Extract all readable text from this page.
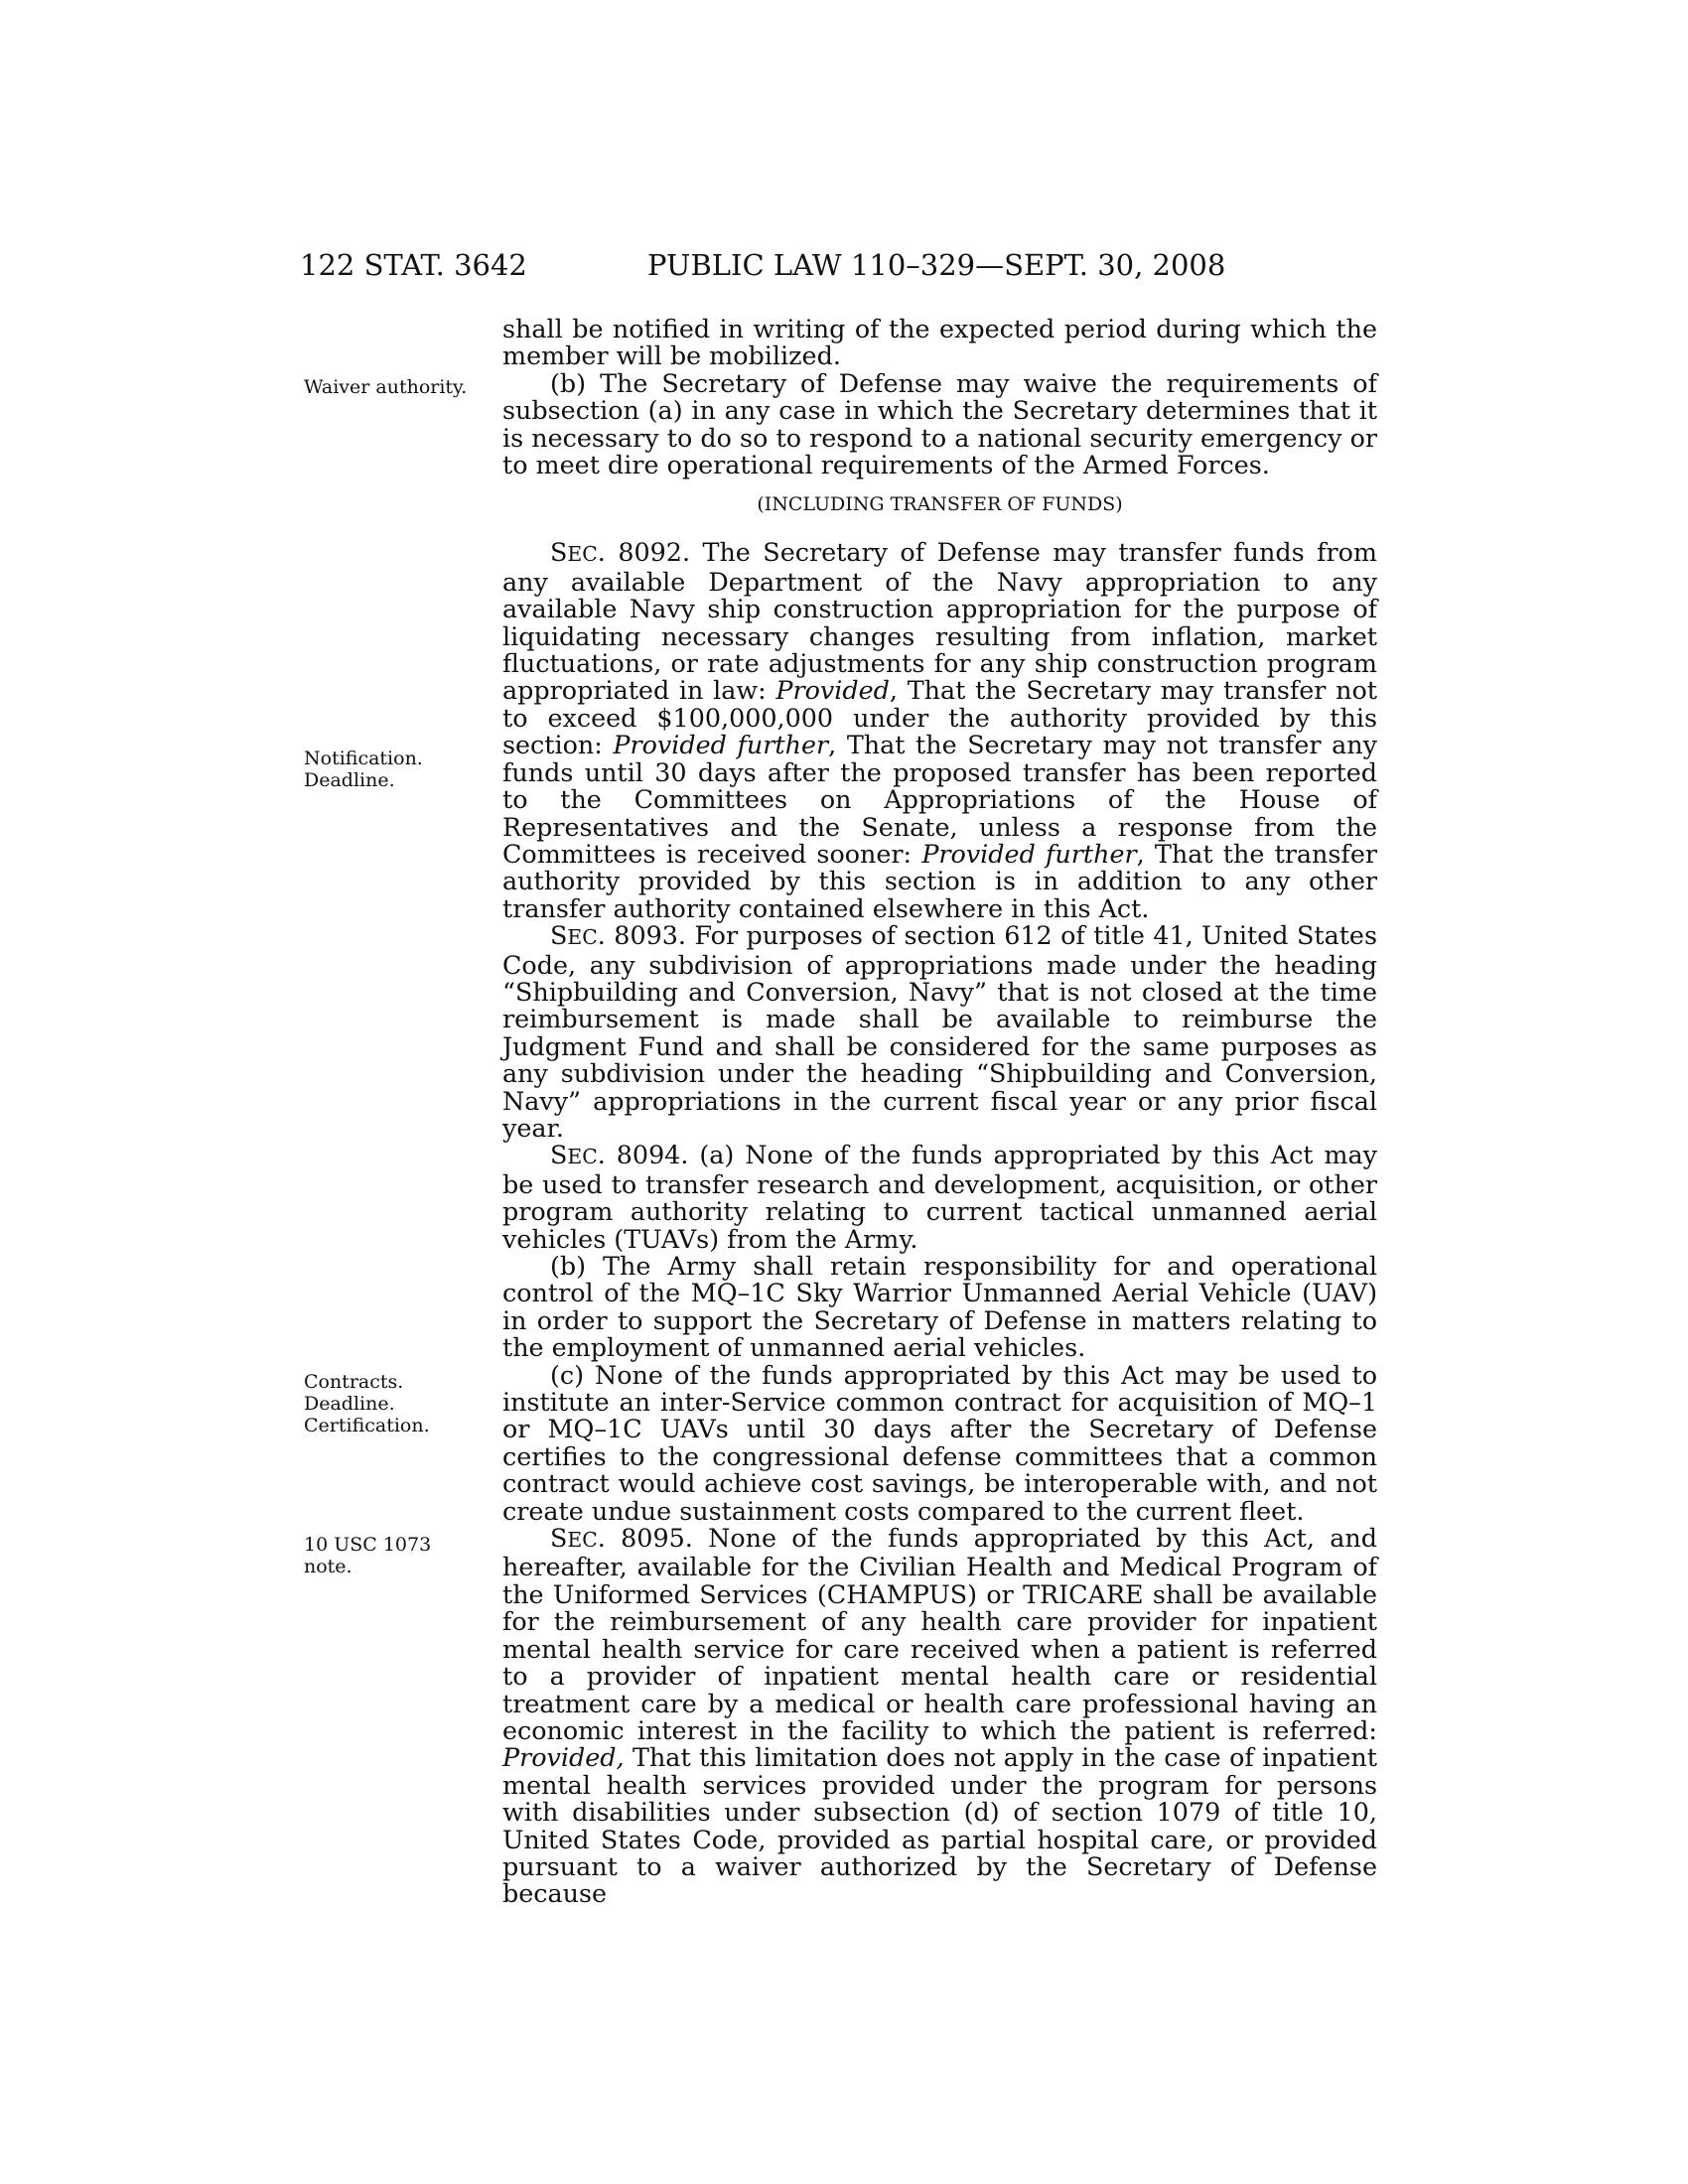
122 STAT. 3642	PUBLIC LAW 110–329—SEPT. 30, 2008
Waiver authority.
Notification.
Deadline.
Contracts.
Deadline.
Certification.
10 USC 1073
note.

shall be notified in writing of the expected period during which the member will be mobilized.

(b) The Secretary of Defense may waive the requirements of subsection (a) in any case in which the Secretary determines that it is necessary to do so to respond to a national security emergency or to meet dire operational requirements of the Armed Forces.

(INCLUDING TRANSFER OF FUNDS)

SEC. 8092. The Secretary of Defense may transfer funds from any available Department of the Navy appropriation to any available Navy ship construction appropriation for the purpose of liquidating necessary changes resulting from inflation, market fluctuations, or rate adjustments for any ship construction program appropriated in law: Provided, That the Secretary may transfer not to exceed $100,000,000 under the authority provided by this section: Provided further, That the Secretary may not transfer any funds until 30 days after the proposed transfer has been reported to the Committees on Appropriations of the House of Representatives and the Senate, unless a response from the Committees is received sooner: Provided further, That the transfer authority provided by this section is in addition to any other transfer authority contained elsewhere in this Act.

SEC. 8093. For purposes of section 612 of title 41, United States Code, any subdivision of appropriations made under the heading “Shipbuilding and Conversion, Navy” that is not closed at the time reimbursement is made shall be available to reimburse the Judgment Fund and shall be considered for the same purposes as any subdivision under the heading “Shipbuilding and Conversion, Navy” appropriations in the current fiscal year or any prior fiscal year.

SEC. 8094. (a) None of the funds appropriated by this Act may be used to transfer research and development, acquisition, or other program authority relating to current tactical unmanned aerial vehicles (TUAVs) from the Army.

(b) The Army shall retain responsibility for and operational control of the MQ–1C Sky Warrior Unmanned Aerial Vehicle (UAV) in order to support the Secretary of Defense in matters relating to the employment of unmanned aerial vehicles.

(c) None of the funds appropriated by this Act may be used to institute an inter-Service common contract for acquisition of MQ–1 or MQ–1C UAVs until 30 days after the Secretary of Defense certifies to the congressional defense committees that a common contract would achieve cost savings, be interoperable with, and not create undue sustainment costs compared to the current fleet.

SEC. 8095. None of the funds appropriated by this Act, and hereafter, available for the Civilian Health and Medical Program of the Uniformed Services (CHAMPUS) or TRICARE shall be available for the reimbursement of any health care provider for inpatient mental health service for care received when a patient is referred to a provider of inpatient mental health care or residential treatment care by a medical or health care professional having an economic interest in the facility to which the patient is referred: Provided, That this limitation does not apply in the case of inpatient mental health services provided under the program for persons with disabilities under subsection (d) of section 1079 of title 10, United States Code, provided as partial hospital care, or provided pursuant to a waiver authorized by the Secretary of Defense because
